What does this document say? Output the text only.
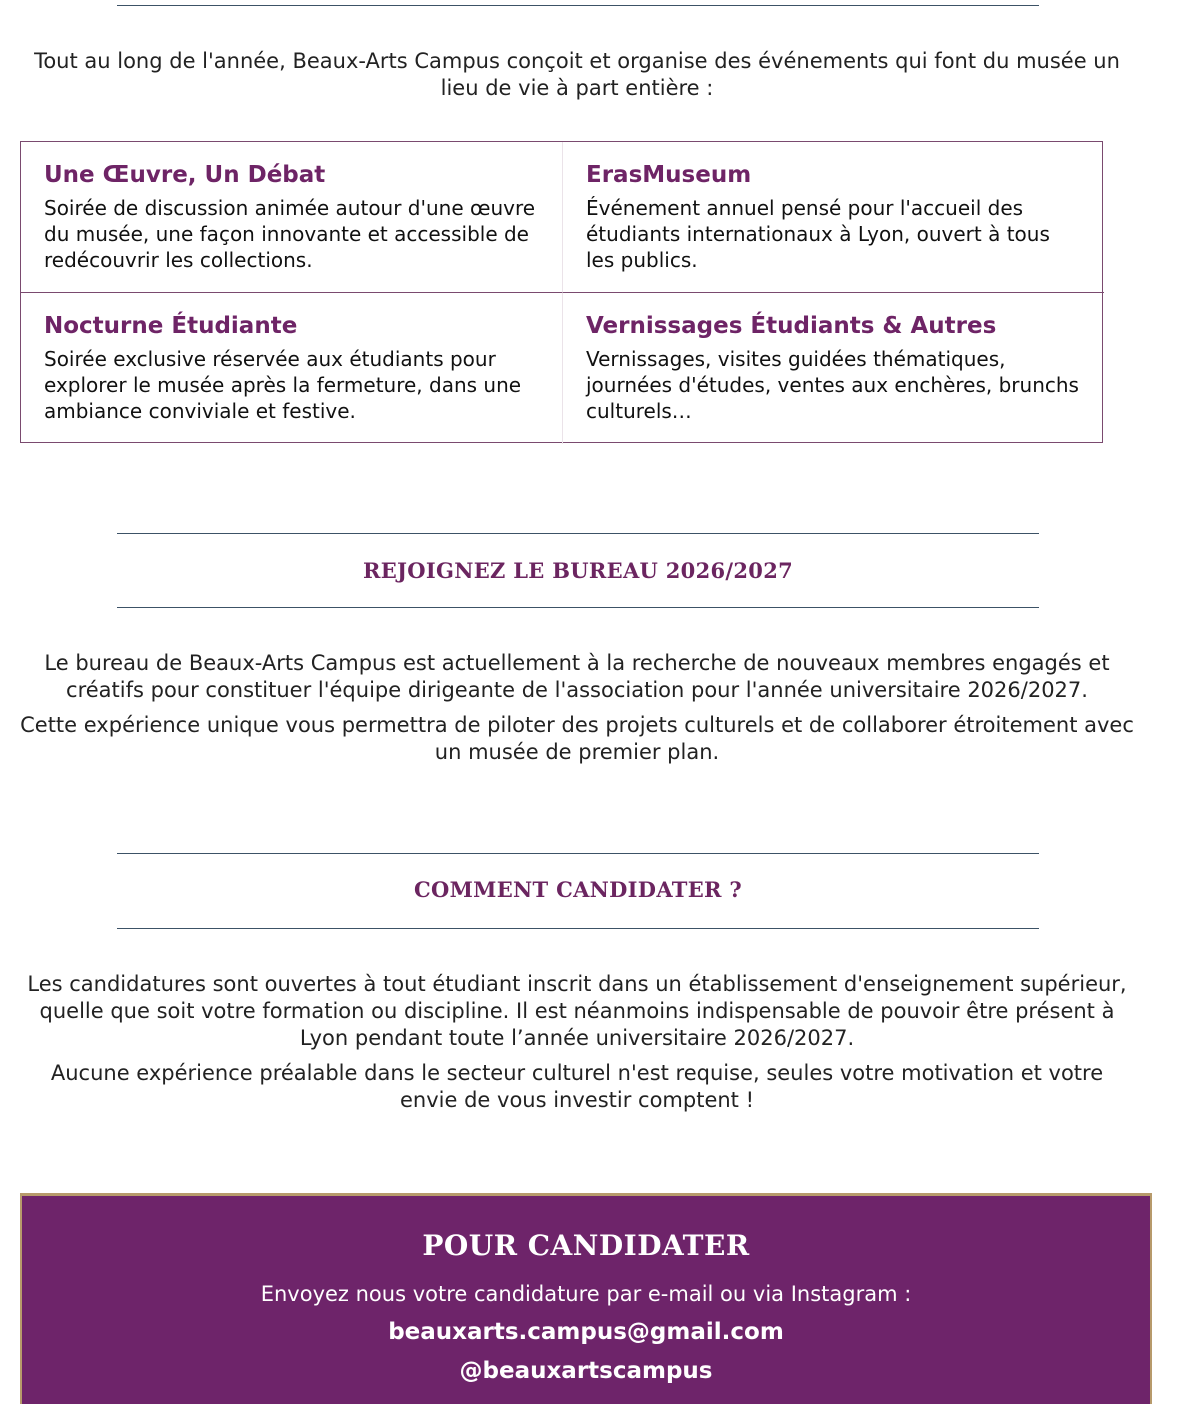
Tout au long de l'année, Beaux-Arts Campus conçoit et organise des événements qui font du musée un lieu de vie à part entière :

Une Œuvre, Un Débat
Soirée de discussion animée autour d'une œuvre du musée, une façon innovante et accessible de redécouvrir les collections.
ErasMuseum
Événement annuel pensé pour l'accueil des étudiants internationaux à Lyon, ouvert à tous les publics.
Nocturne Étudiante
Soirée exclusive réservée aux étudiants pour explorer le musée après la fermeture, dans une ambiance conviviale et festive.
Vernissages Étudiants & Autres
Vernissages, visites guidées thématiques, journées d'études, ventes aux enchères, brunchs culturels…
REJOIGNEZ LE BUREAU 2026/2027

Le bureau de Beaux-Arts Campus est actuellement à la recherche de nouveaux membres engagés et créatifs pour constituer l'équipe dirigeante de l'association pour l'année universitaire 2026/2027.

Cette expérience unique vous permettra de piloter des projets culturels et de collaborer étroitement avec un musée de premier plan.

COMMENT CANDIDATER ?

Les candidatures sont ouvertes à tout étudiant inscrit dans un établissement d'enseignement supérieur, quelle que soit votre formation ou discipline. Il est néanmoins indispensable de pouvoir être présent à Lyon pendant toute l’année universitaire 2026/2027.

Aucune expérience préalable dans le secteur culturel n'est requise, seules votre motivation et votre envie de vous investir comptent !

POUR CANDIDATER
Envoyez nous votre candidature par e-mail ou via Instagram :
beauxarts.campus@gmail.com
@beauxartscampus
